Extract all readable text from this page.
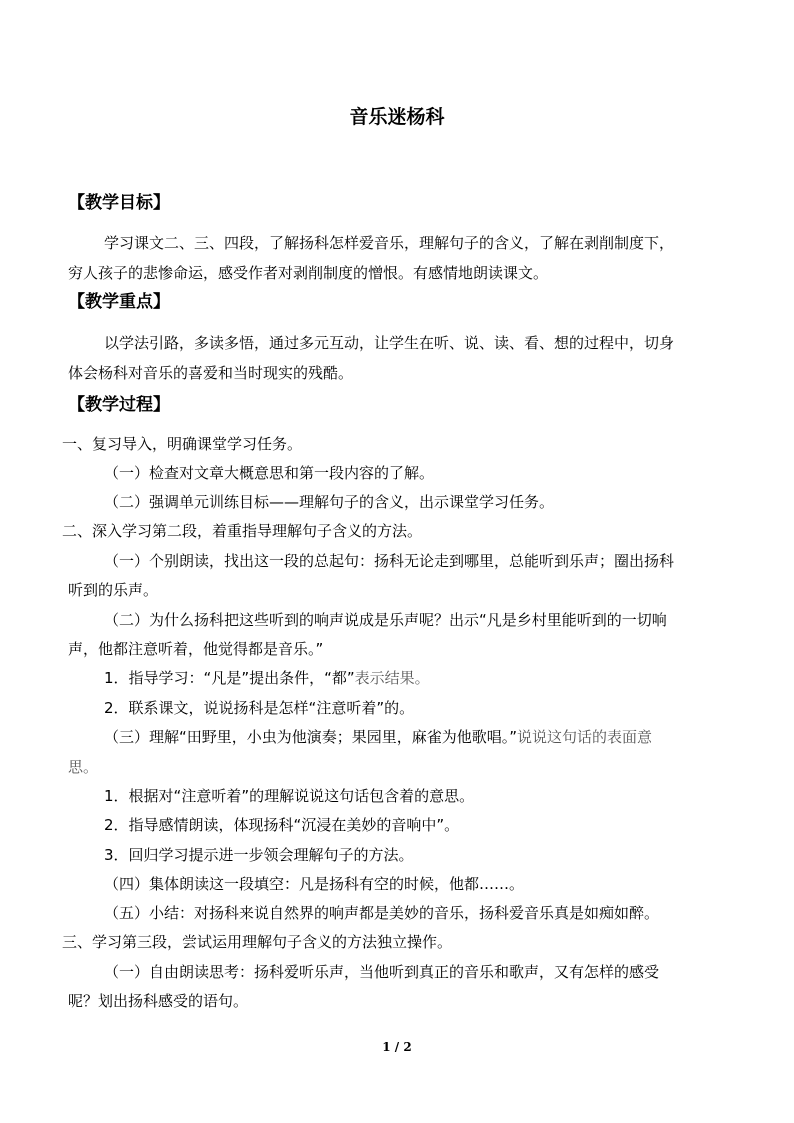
音乐迷杨科
【教学目标】
学习课文二、三、四段，了解扬科怎样爱音乐，理解句子的含义，了解在剥削制度下，
穷人孩子的悲惨命运，感受作者对剥削制度的憎恨。有感情地朗读课文。
【教学重点】
以学法引路，多读多悟，通过多元互动，让学生在听、说、读、看、想的过程中，切身
体会杨科对音乐的喜爱和当时现实的残酷。
【教学过程】
一、复习导入，明确课堂学习任务。
（一）检查对文章大概意思和第一段内容的了解。
（二）强调单元训练目标——理解句子的含义，出示课堂学习任务。
二、深入学习第二段，着重指导理解句子含义的方法。
（一）个别朗读，找出这一段的总起句：扬科无论走到哪里，总能听到乐声；圈出扬科
听到的乐声。
（二）为什么扬科把这些听到的响声说成是乐声呢？出示“凡是乡村里能听到的一切响
声，他都注意听着，他觉得都是音乐。”
1．指导学习：“凡是”提出条件，“都”表示结果。
2．联系课文，说说扬科是怎样“注意听着”的。
（三）理解“田野里，小虫为他演奏；果园里，麻雀为他歌唱。”说说这句话的表面意
思。
1．根据对“注意听着”的理解说说这句话包含着的意思。
2．指导感情朗读，体现扬科“沉浸在美妙的音响中”。
3．回归学习提示进一步领会理解句子的方法。
（四）集体朗读这一段填空：凡是扬科有空的时候，他都……。
（五）小结：对扬科来说自然界的响声都是美妙的音乐，扬科爱音乐真是如痴如醉。
三、学习第三段，尝试运用理解句子含义的方法独立操作。
（一）自由朗读思考：扬科爱听乐声，当他听到真正的音乐和歌声，又有怎样的感受
呢？划出扬科感受的语句。
1 / 2
